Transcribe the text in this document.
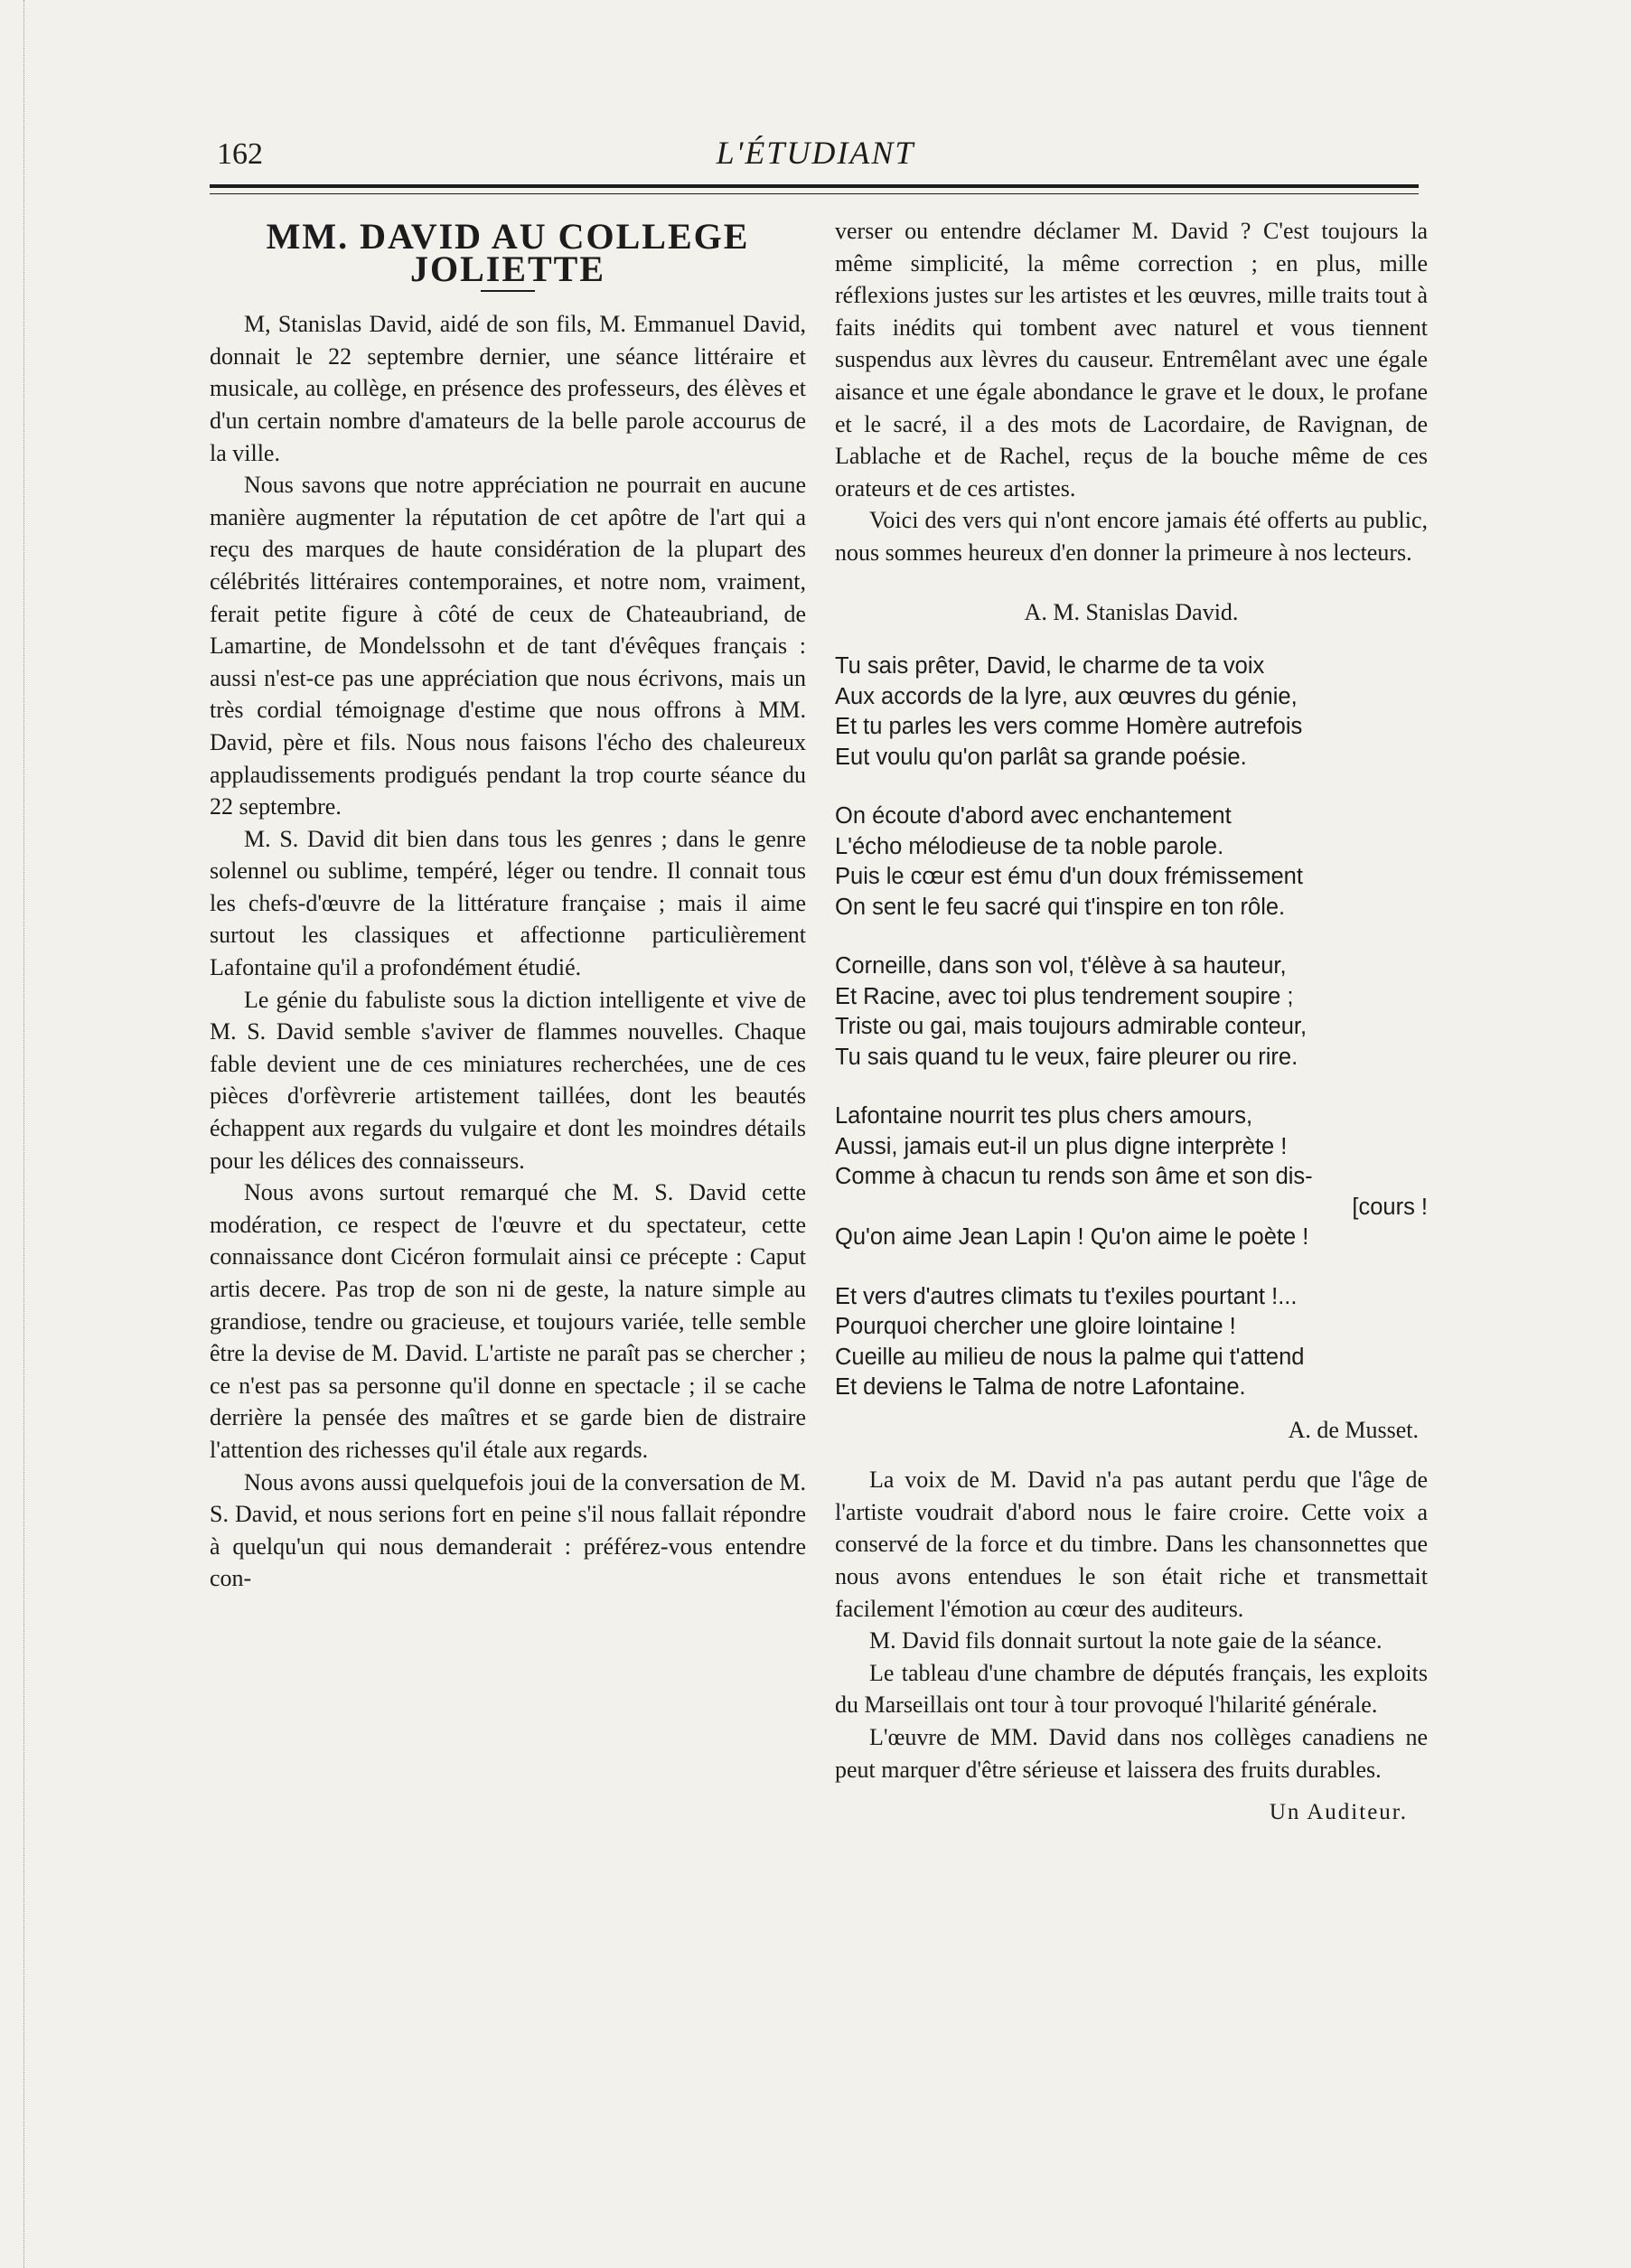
162	L'ÉTUDIANT
MM. DAVID AU COLLEGE JOLIETTE

M, Stanislas David, aidé de son fils, M. Emmanuel David, donnait le 22 septembre dernier, une séance littéraire et musicale, au collège, en présence des professeurs, des élèves et d'un certain nombre d'amateurs de la belle parole accourus de la ville.

Nous savons que notre appréciation ne pourrait en aucune manière augmenter la réputation de cet apôtre de l'art qui a reçu des marques de haute considération de la plupart des célébrités littéraires contemporaines, et notre nom, vraiment, ferait petite figure à côté de ceux de Chateaubriand, de Lamartine, de Mondelssohn et de tant d'évêques français : aussi n'est-ce pas une appréciation que nous écrivons, mais un très cordial témoignage d'estime que nous offrons à MM. David, père et fils. Nous nous faisons l'écho des chaleureux applaudissements prodigués pendant la trop courte séance du 22 septembre.

M. S. David dit bien dans tous les genres ; dans le genre solennel ou sublime, tempéré, léger ou tendre. Il connait tous les chefs-d'œuvre de la littérature française ; mais il aime surtout les classiques et affectionne particulièrement Lafontaine qu'il a profondément étudié.

Le génie du fabuliste sous la diction intelligente et vive de M. S. David semble s'aviver de flammes nouvelles. Chaque fable devient une de ces miniatures recherchées, une de ces pièces d'orfèvrerie artistement taillées, dont les beautés échappent aux regards du vulgaire et dont les moindres détails pour les délices des connaisseurs.

Nous avons surtout remarqué che M. S. David cette modération, ce respect de l'œuvre et du spectateur, cette connaissance dont Cicéron formulait ainsi ce précepte : Caput artis decere. Pas trop de son ni de geste, la nature simple au grandiose, tendre ou gracieuse, et toujours variée, telle semble être la devise de M. David. L'artiste ne paraît pas se chercher ; ce n'est pas sa personne qu'il donne en spectacle ; il se cache derrière la pensée des maîtres et se garde bien de distraire l'attention des richesses qu'il étale aux regards.

Nous avons aussi quelquefois joui de la conversation de M. S. David, et nous serions fort en peine s'il nous fallait répondre à quelqu'un qui nous demanderait : préférez-vous entendre con-

verser ou entendre déclamer M. David ? C'est toujours la même simplicité, la même correction ; en plus, mille réflexions justes sur les artistes et les œuvres, mille traits tout à faits inédits qui tombent avec naturel et vous tiennent suspendus aux lèvres du causeur. Entremêlant avec une égale aisance et une égale abondance le grave et le doux, le profane et le sacré, il a des mots de Lacordaire, de Ravignan, de Lablache et de Rachel, reçus de la bouche même de ces orateurs et de ces artistes.

Voici des vers qui n'ont encore jamais été offerts au public, nous sommes heureux d'en donner la primeure à nos lecteurs.

A. M. Stanislas David.
Tu sais prêter, David, le charme de ta voix
Aux accords de la lyre, aux œuvres du génie,
Et tu parles les vers comme Homère autrefois
Eut voulu qu'on parlât sa grande poésie.
On écoute d'abord avec enchantement
L'écho mélodieuse de ta noble parole.
Puis le cœur est ému d'un doux frémissement
On sent le feu sacré qui t'inspire en ton rôle.
Corneille, dans son vol, t'élève à sa hauteur,
Et Racine, avec toi plus tendrement soupire ;
Triste ou gai, mais toujours admirable conteur,
Tu sais quand tu le veux, faire pleurer ou rire.
Lafontaine nourrit tes plus chers amours,
Aussi, jamais eut-il un plus digne interprète !
Comme à chacun tu rends son âme et son dis-
[cours !
Qu'on aime Jean Lapin ! Qu'on aime le poète !
Et vers d'autres climats tu t'exiles pourtant !...
Pourquoi chercher une gloire lointaine !
Cueille au milieu de nous la palme qui t'attend
Et deviens le Talma de notre Lafontaine.
A. de Musset.

La voix de M. David n'a pas autant perdu que l'âge de l'artiste voudrait d'abord nous le faire croire. Cette voix a conservé de la force et du timbre. Dans les chansonnettes que nous avons entendues le son était riche et transmettait facilement l'émotion au cœur des auditeurs.

M. David fils donnait surtout la note gaie de la séance.

Le tableau d'une chambre de députés français, les exploits du Marseillais ont tour à tour provoqué l'hilarité générale.

L'œuvre de MM. David dans nos collèges canadiens ne peut marquer d'être sérieuse et laissera des fruits durables.

Un Auditeur.
